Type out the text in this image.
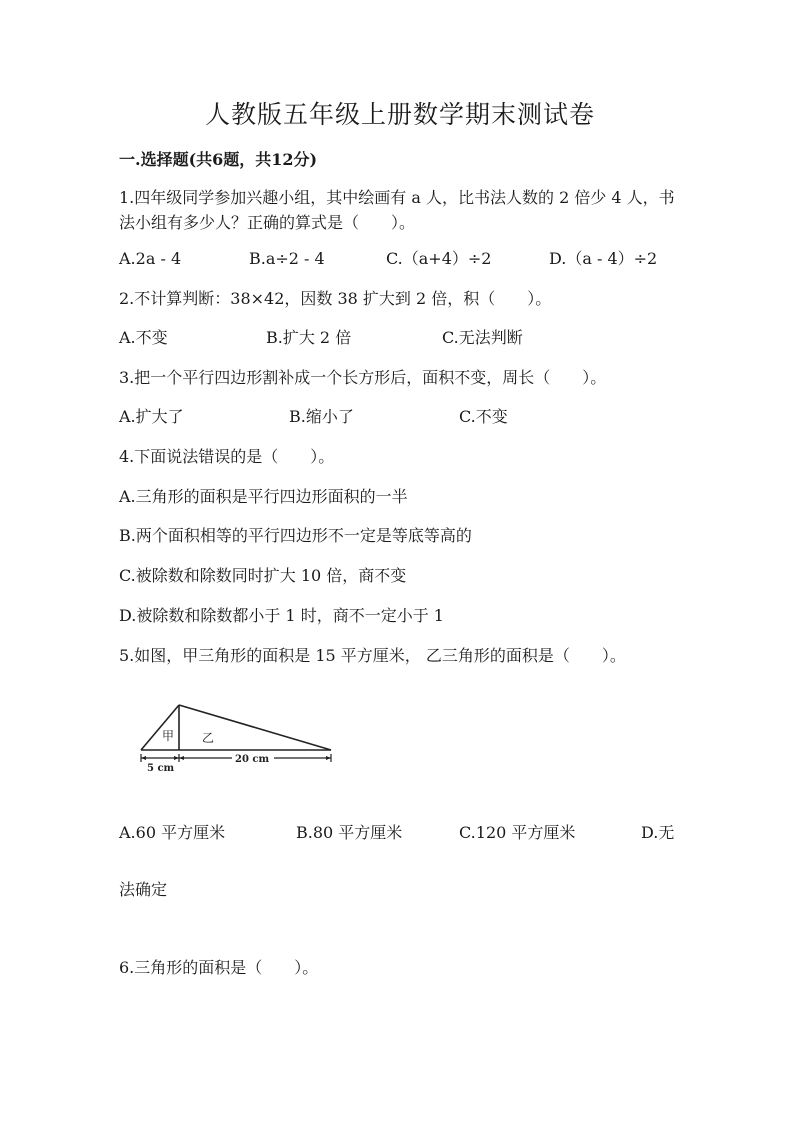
人教版五年级上册数学期末测试卷
一.选择题(共6题，共12分)
1.四年级同学参加兴趣小组，其中绘画有 a 人，比书法人数的 2 倍少 4 人，书
法小组有多少人？正确的算式是（　　）。
A.2a - 4	B.a÷2 - 4	C.（a+4）÷2	D.（a - 4）÷2
2.不计算判断：38×42，因数 38 扩大到 2 倍，积（　　）。
A.不变	B.扩大 2 倍	C.无法判断
3.把一个平行四边形割补成一个长方形后，面积不变，周长（　　）。
A.扩大了	B.缩小了	C.不变
4.下面说法错误的是（　　）。
A.三角形的面积是平行四边形面积的一半
B.两个面积相等的平行四边形不一定是等底等高的
C.被除数和除数同时扩大 10 倍，商不变
D.被除数和除数都小于 1 时，商不一定小于 1
5.如图，甲三角形的面积是 15 平方厘米， 乙三角形的面积是（　　）。
甲 乙
5 cm
20 cm
A.60 平方厘米	B.80 平方厘米	C.120 平方厘米	D.无
法确定
6.三角形的面积是（　　）。
